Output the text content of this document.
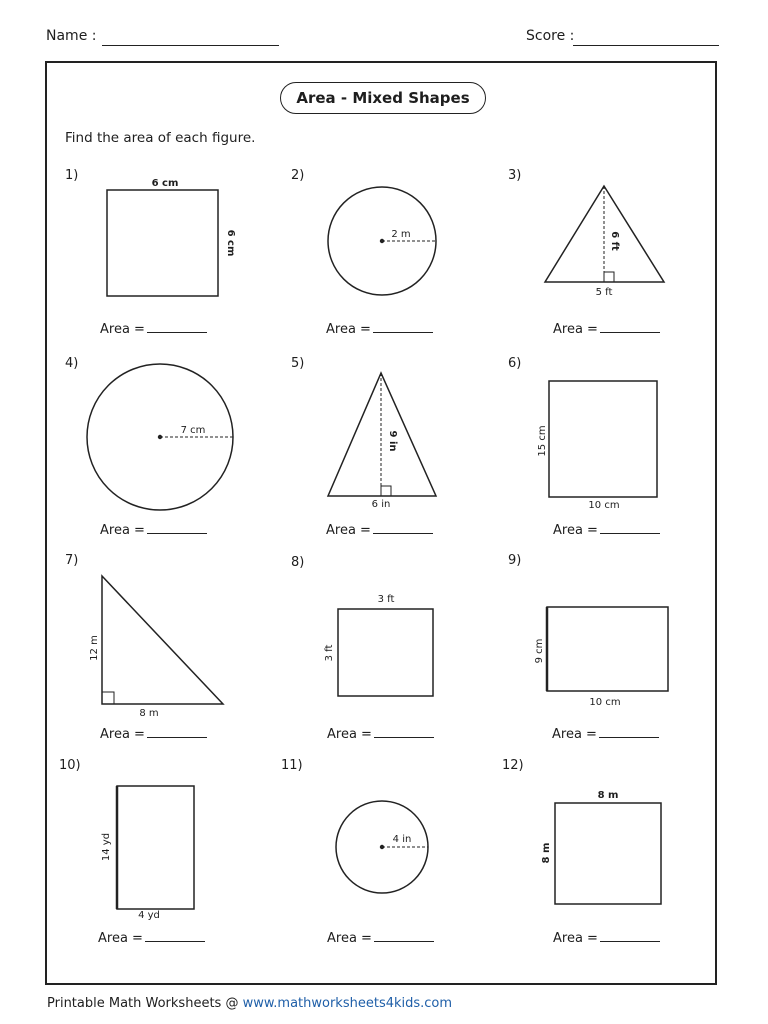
Name :	Score :
Area - Mixed Shapes
Find the area of each figure.
1)	2)	3)
4)	5)	6)
7)	8)	9)
10)	11)	12)
6 cm
6 cm	2 m	6 ft
5 ft
7 cm	9 in
6 in
15 cm
10 cm
12 m
8 m
3 ft
3 ft	9 cm
10 cm
14 yd
4 yd
4 in
8 m
8 m
Area =	Area =	Area =
Area =	Area =	Area =
Area =	Area =	Area =
Area =	Area =	Area =
Printable Math Worksheets @ www.mathworksheets4kids.com
